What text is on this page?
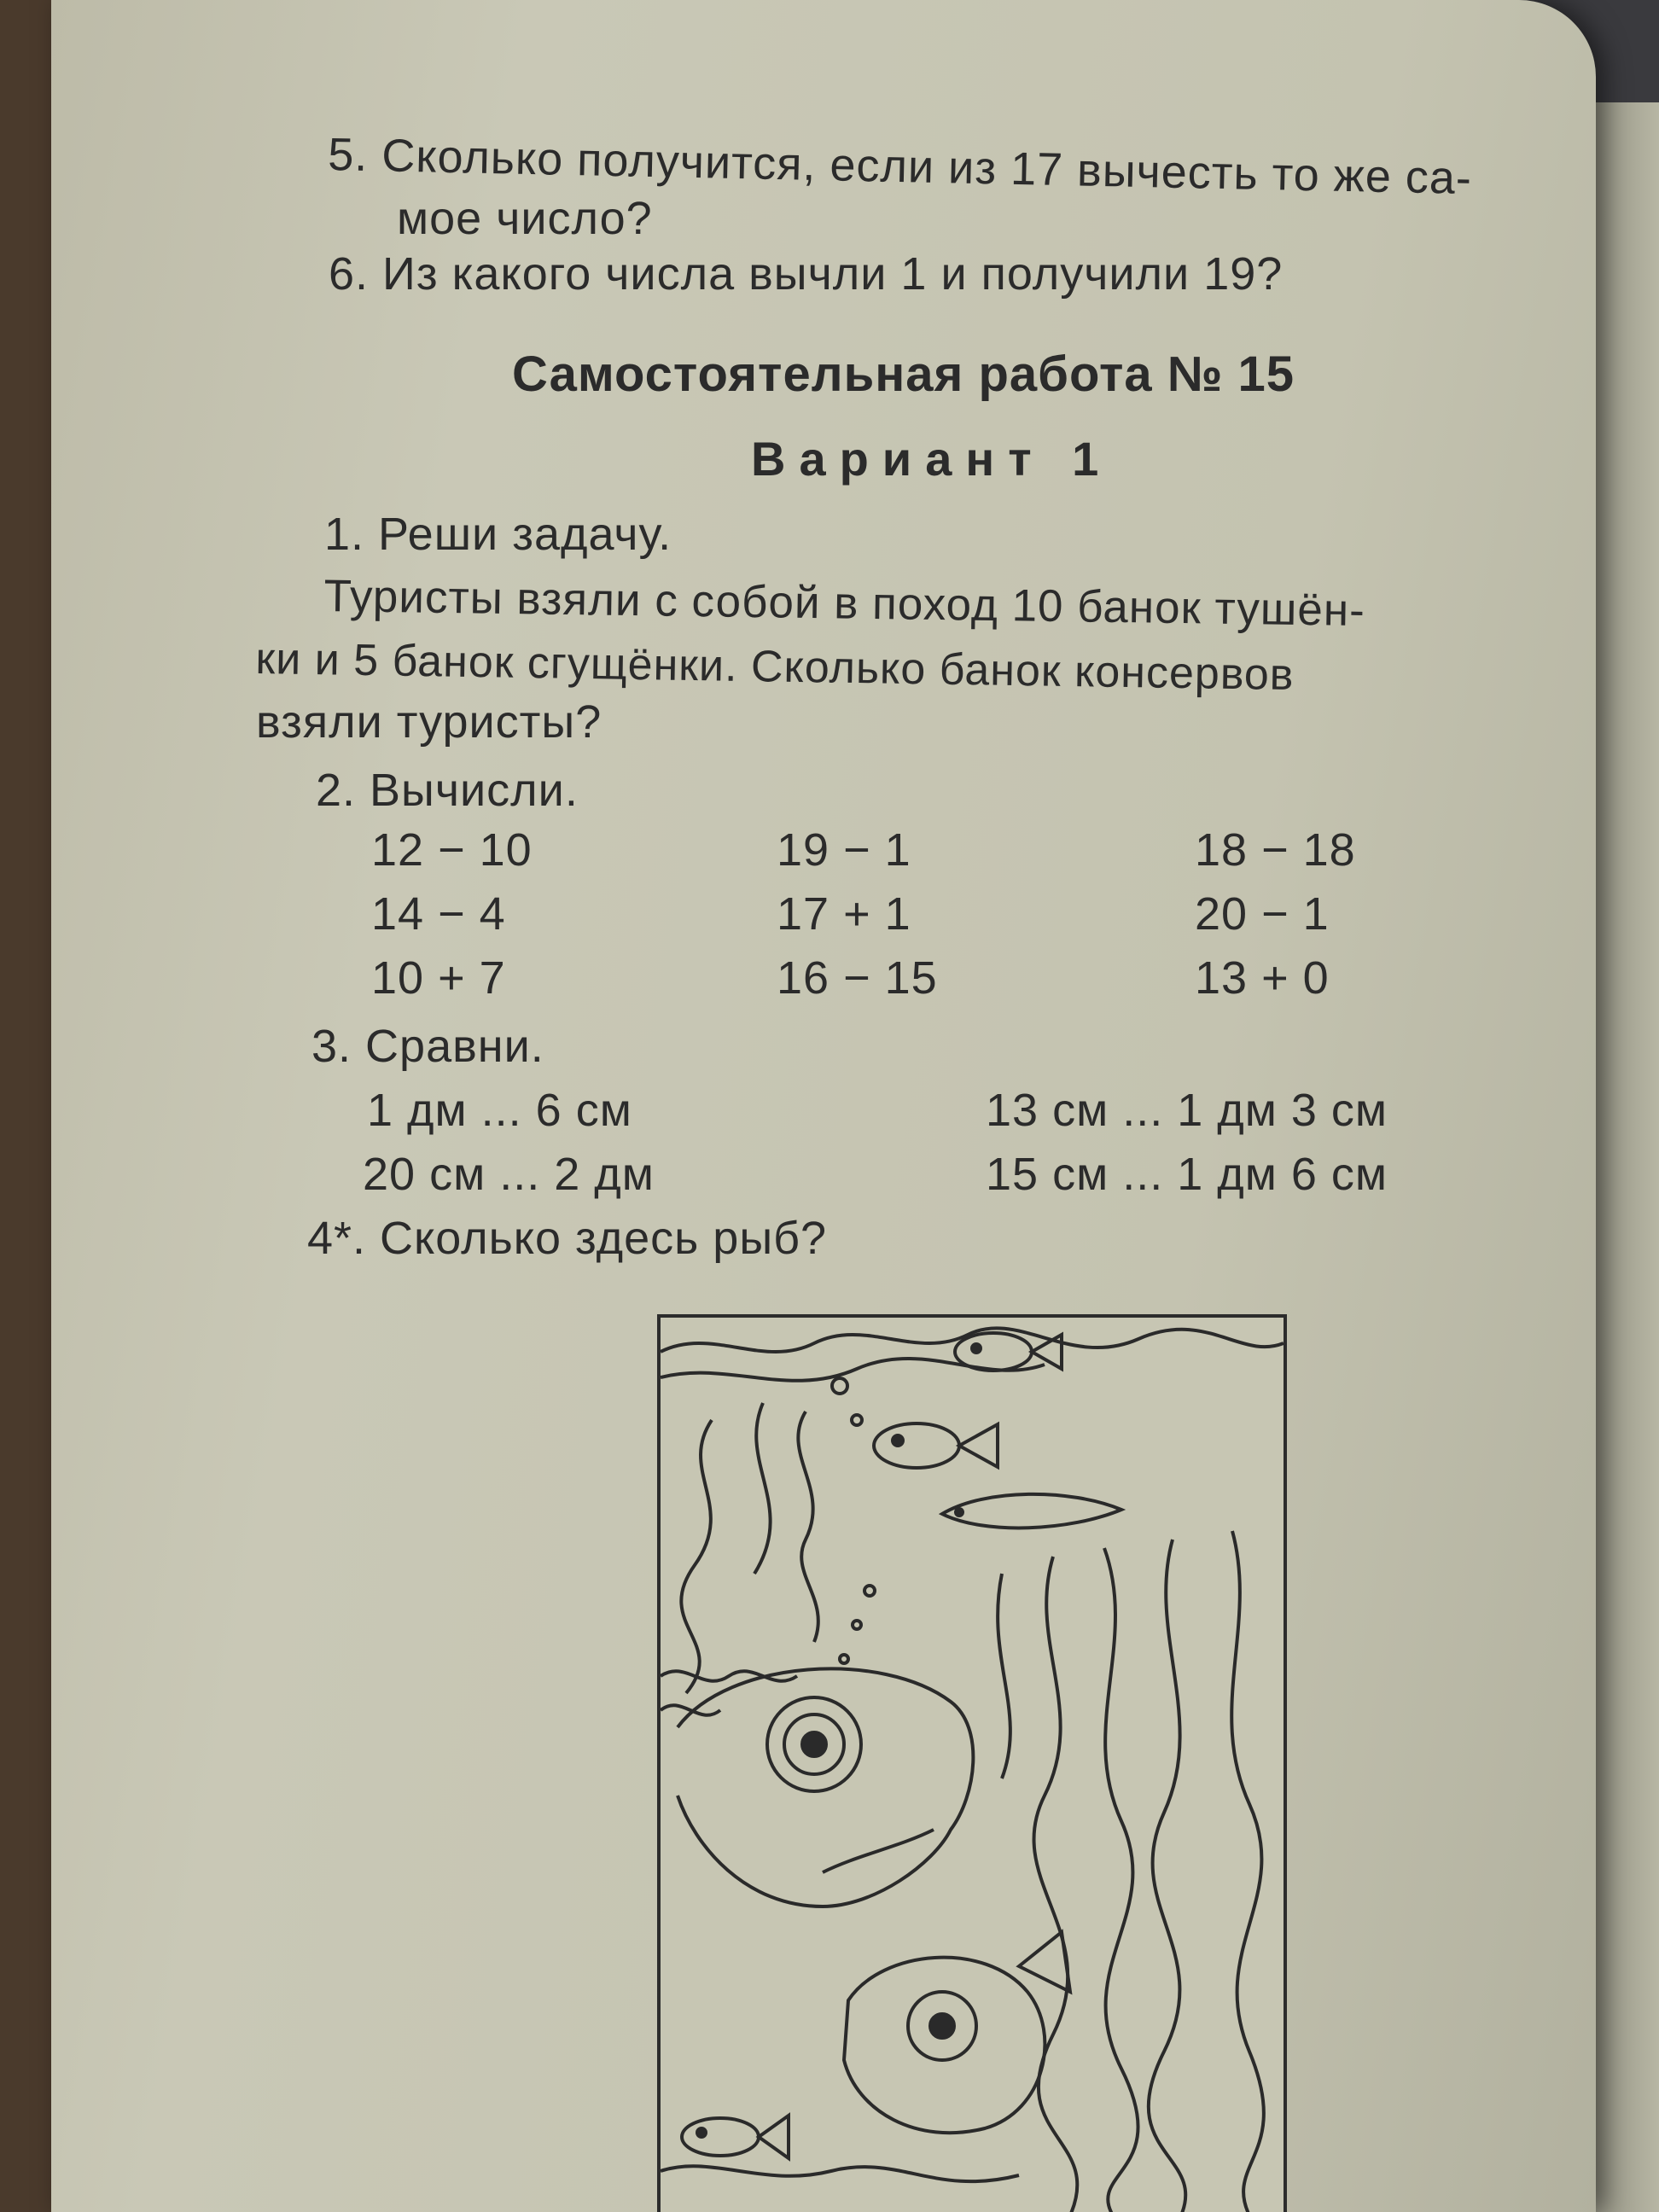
5. Сколько получится, если из 17 вычесть то же са-
мое число?
6. Из какого числа вычли 1 и получили 19?
Самостоятельная работа № 15
Вариант 1
1. Реши задачу.
Туристы взяли с собой в поход 10 банок тушён-
ки и 5 банок сгущёнки. Сколько банок консервов
взяли туристы?
2. Вычисли.
12 − 10
14 − 4
10 + 7
19 − 1
17 + 1
16 − 15
18 − 18
20 − 1
13 + 0
3. Сравни.
1 дм ... 6 см
20 см ... 2 дм
13 см ... 1 дм 3 см
15 см ... 1 дм 6 см
4*. Сколько здесь рыб?
